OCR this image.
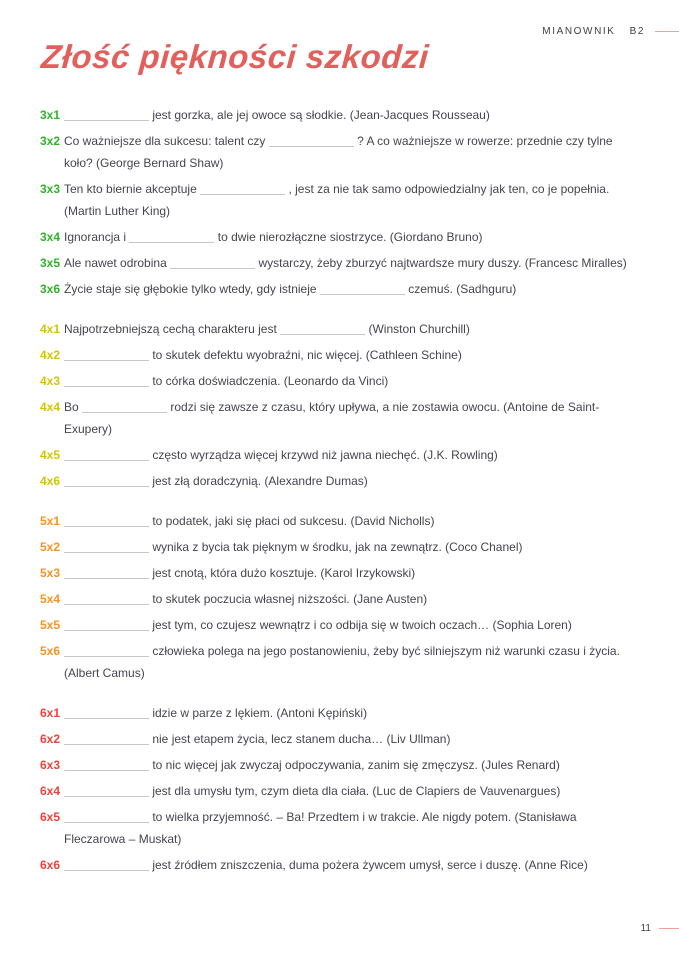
MIANOWNIK B2
Złość piękności szkodzi
3x1	jest gorzka, ale jej owoce są słodkie. (Jean-Jacques Rousseau)
3x2 Co ważniejsze dla sukcesu: talent czy	? A co ważniejsze w rowerze: przednie czy tylne koło? (George Bernard Shaw)
3x3 Ten kto biernie akceptuje	, jest za nie tak samo odpowiedzialny jak ten, co je popełnia. (Martin Luther King)
3x4 Ignorancja i	to dwie nierozłączne siostrzyce. (Giordano Bruno)
3x5 Ale nawet odrobina	wystarczy, żeby zburzyć najtwardsze mury duszy. (Francesc Miralles)
3x6 Życie staje się głębokie tylko wtedy, gdy istnieje	czemuś. (Sadhguru)
4x1 Najpotrzebniejszą cechą charakteru jest	(Winston Churchill)
4x2	to skutek defektu wyobraźni, nic więcej. (Cathleen Schine)
4x3	to córka doświadczenia. (Leonardo da Vinci)
4x4 Bo	rodzi się zawsze z czasu, który upływa, a nie zostawia owocu. (Antoine de Saint-Exupery)
4x5	często wyrządza więcej krzywd niż jawna niechęć. (J.K. Rowling)
4x6	jest złą doradczynią. (Alexandre Dumas)
5x1	to podatek, jaki się płaci od sukcesu. (David Nicholls)
5x2	wynika z bycia tak pięknym w środku, jak na zewnątrz. (Coco Chanel)
5x3	jest cnotą, która dużo kosztuje. (Karol Irzykowski)
5x4	to skutek poczucia własnej niższości. (Jane Austen)
5x5	jest tym, co czujesz wewnątrz i co odbija się w twoich oczach… (Sophia Loren)
5x6	człowieka polega na jego postanowieniu, żeby być silniejszym niż warunki czasu i życia. (Albert Camus)
6x1	idzie w parze z lękiem. (Antoni Kępiński)
6x2	nie jest etapem życia, lecz stanem ducha… (Liv Ullman)
6x3	to nic więcej jak zwyczaj odpoczywania, zanim się zmęczysz. (Jules Renard)
6x4	jest dla umysłu tym, czym dieta dla ciała. (Luc de Clapiers de Vauvenargues)
6x5	to wielka przyjemność. – Ba! Przedtem i w trakcie. Ale nigdy potem. (Stanisława Fleczarowa – Muskat)
6x6	jest źródłem zniszczenia, duma pożera żywcem umysł, serce i duszę. (Anne Rice)
11
